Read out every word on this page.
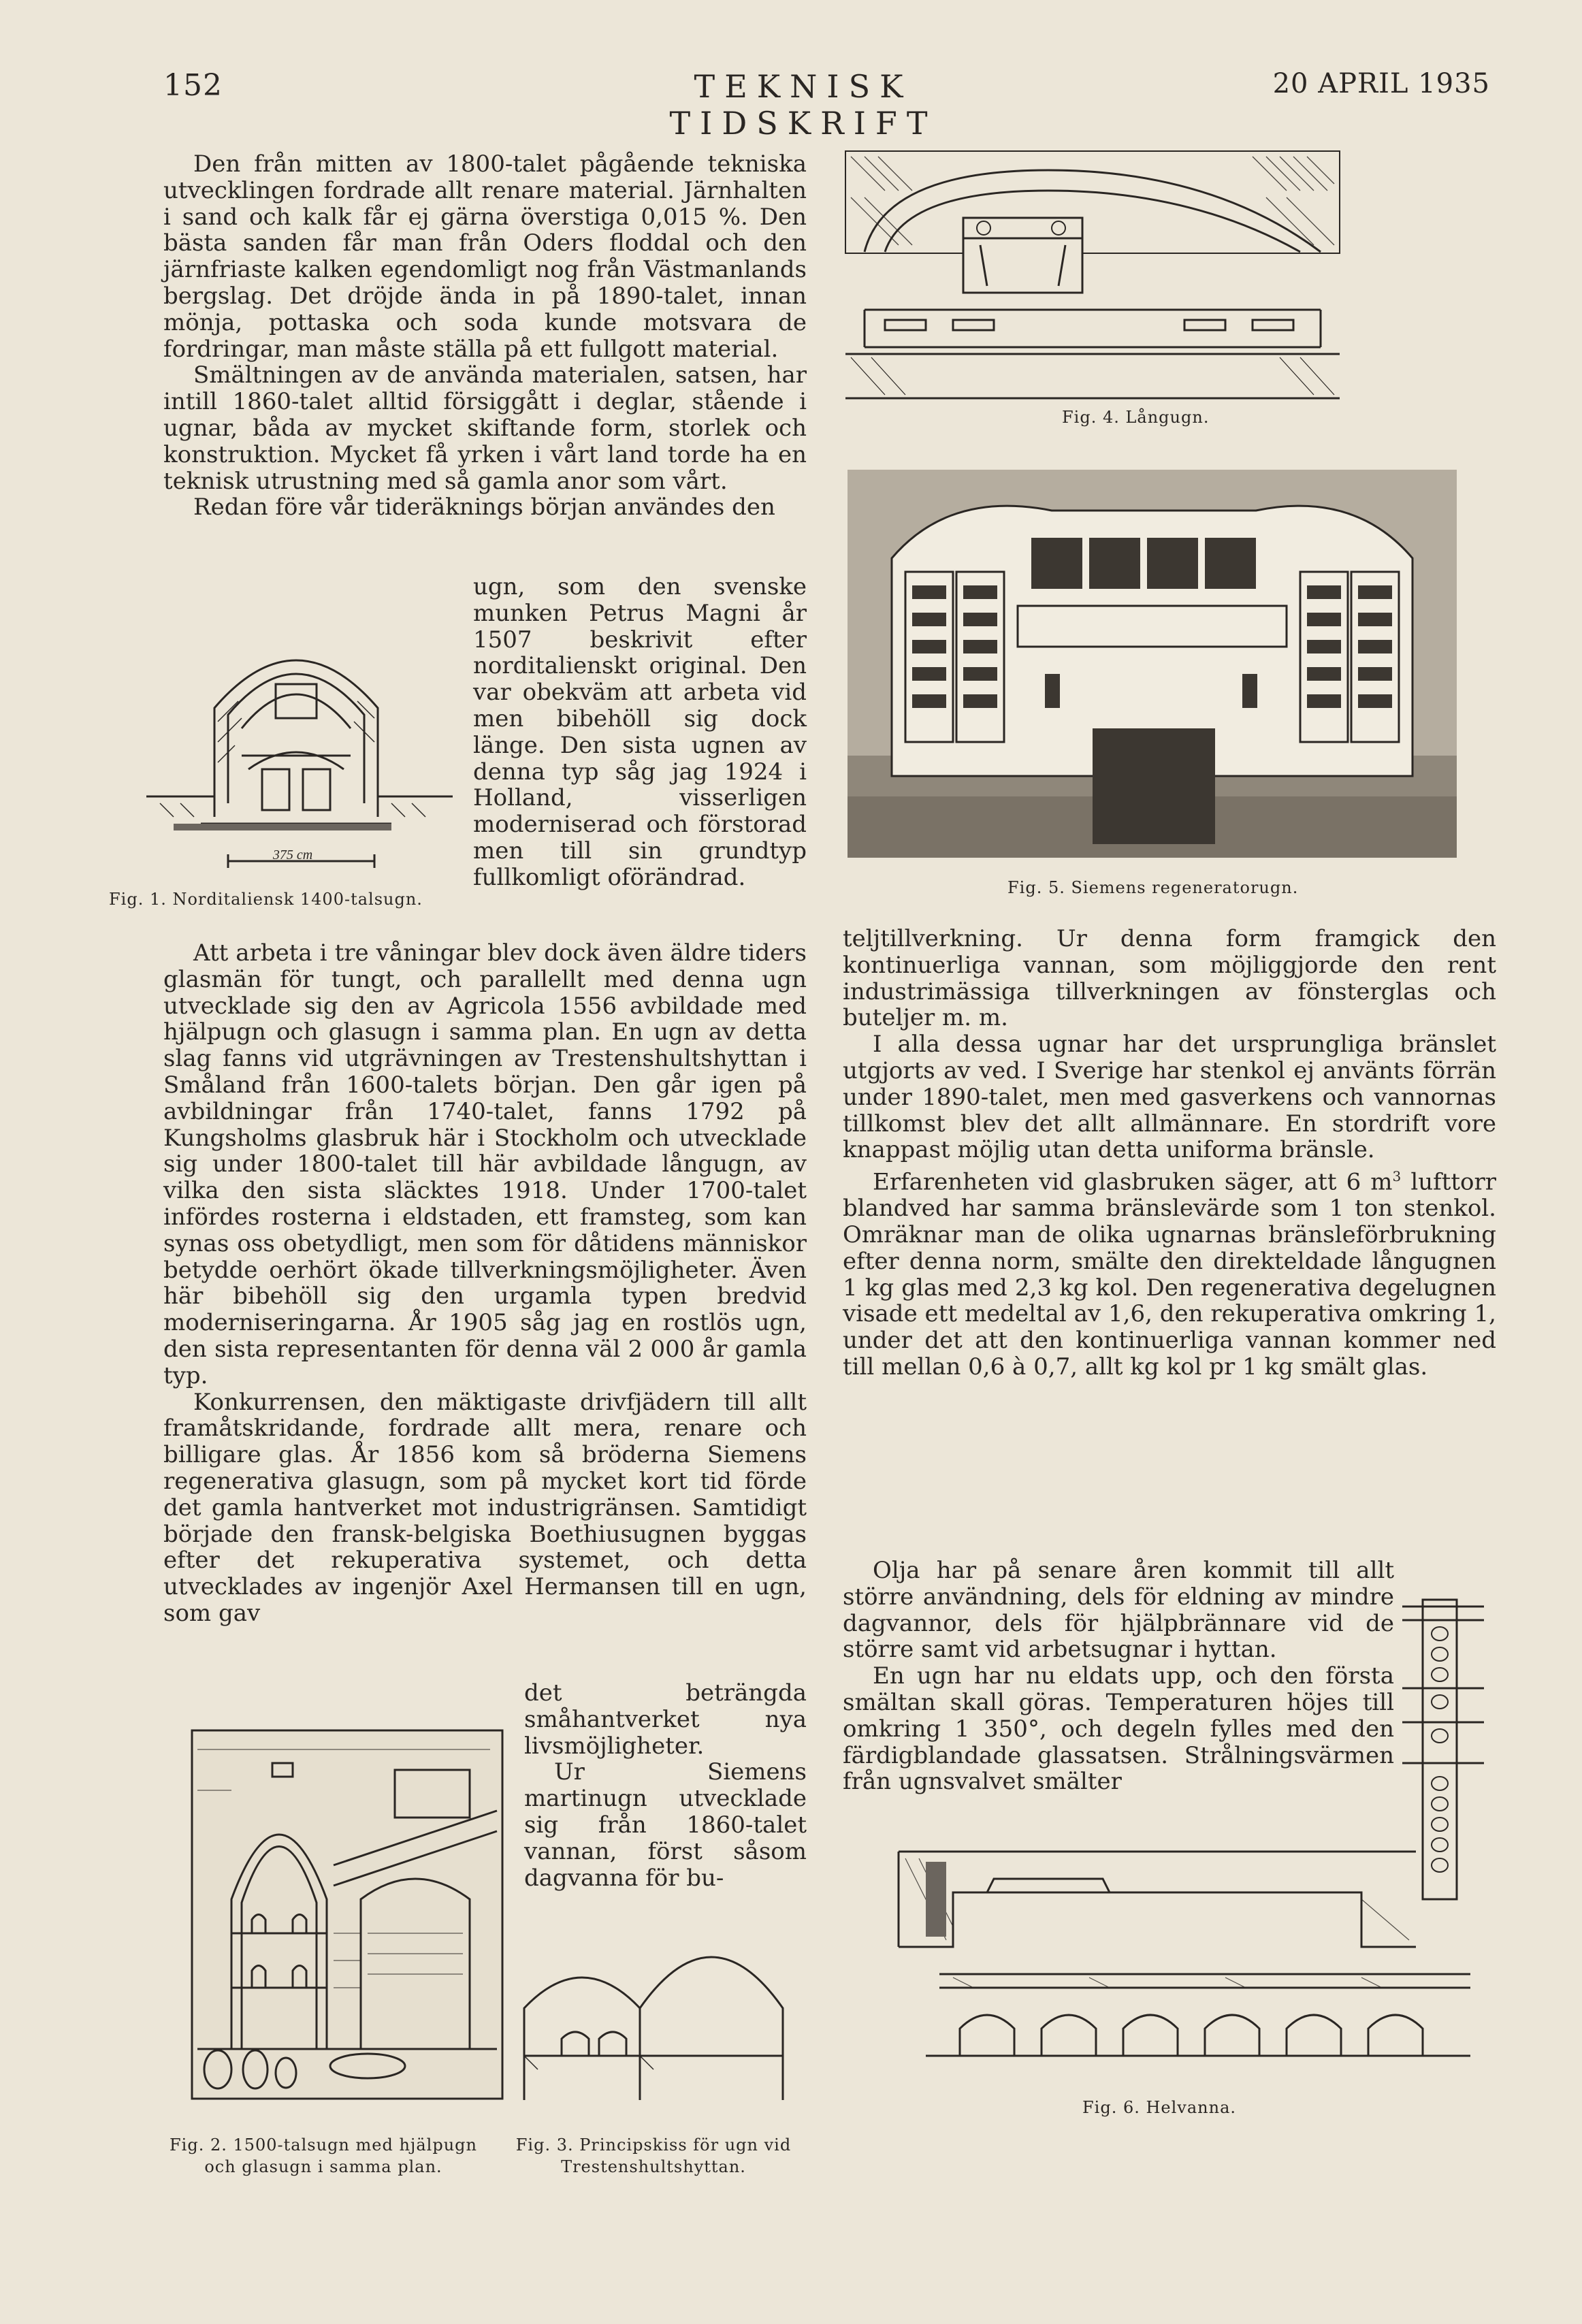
152	TEKNISK TIDSKRIFT
20 APRIL 1935

Den från mitten av 1800-talet pågående tekniska utvecklingen fordrade allt renare material. Järnhalten i sand och kalk får ej gärna överstiga 0,015 %. Den bästa sanden får man från Oders floddal och den järnfriaste kalken egendomligt nog från Västmanlands bergslag. Det dröjde ända in på 1890-talet, innan mönja, pottaska och soda kunde motsvara de fordringar, man måste ställa på ett fullgott material.

Smältningen av de använda materialen, satsen, har intill 1860-talet alltid försiggått i deglar, stående i ugnar, båda av mycket skiftande form, storlek och konstruktion. Mycket få yrken i vårt land torde ha en teknisk utrustning med så gamla anor som vårt.

Redan före vår tideräknings början användes den

375 cm
Fig. 1. Norditaliensk 1400-talsugn.

ugn, som den svenske munken Petrus Magni år 1507 beskrivit efter norditalienskt original. Den var obekväm att arbeta vid men bibehöll sig dock länge. Den sista ugnen av denna typ såg jag 1924 i Holland, visserligen moderniserad och förstorad men till sin grundtyp fullkomligt oförändrad.

Att arbeta i tre våningar blev dock även äldre tiders glasmän för tungt, och parallellt med denna ugn utvecklade sig den av Agricola 1556 avbildade med hjälpugn och glasugn i samma plan. En ugn av detta slag fanns vid utgrävningen av Trestenshultshyttan i Småland från 1600-talets början. Den går igen på avbildningar från 1740-talet, fanns 1792 på Kungsholms glasbruk här i Stockholm och utvecklade sig under 1800-talet till här avbildade långugn, av vilka den sista släcktes 1918. Under 1700-talet infördes rosterna i eldstaden, ett framsteg, som kan synas oss obetydligt, men som för dåtidens människor betydde oerhört ökade tillverkningsmöjligheter. Även här bibehöll sig den urgamla typen bredvid moderniseringarna. År 1905 såg jag en rostlös ugn, den sista representanten för denna väl 2 000 år gamla typ.

Konkurrensen, den mäktigaste drivfjädern till allt framåtskridande, fordrade allt mera, renare och billigare glas. År 1856 kom så bröderna Siemens regenerativa glasugn, som på mycket kort tid förde det gamla hantverket mot industrigränsen. Samtidigt började den fransk-belgiska Boethiusugnen byggas efter det rekuperativa systemet, och detta utvecklades av ingenjör Axel Hermansen till en ugn, som gav

det beträngda småhantverket nya livsmöjligheter.

Ur Siemens martinugn utvecklade sig från 1860-talet vannan, först såsom dagvanna för bu-

Fig. 2. 1500-talsugn med hjälpugn
och glasugn i samma plan.
Fig. 3. Principskiss för ugn vid
Trestenshultshyttan.
Fig. 4. Långugn.
Fig. 5. Siemens regeneratorugn.

teljtillverkning. Ur denna form framgick den kontinuerliga vannan, som möjliggjorde den rent industrimässiga tillverkningen av fönsterglas och buteljer m. m.

I alla dessa ugnar har det ursprungliga bränslet utgjorts av ved. I Sverige har stenkol ej använts förrän under 1890-talet, men med gasverkens och vannornas tillkomst blev det allt allmännare. En stordrift vore knappast möjlig utan detta uniforma bränsle.

Erfarenheten vid glasbruken säger, att 6 $m^3$ lufttorr blandved har samma bränslevärde som 1 ton stenkol. Omräknar man de olika ugnarnas bränsleförbrukning efter denna norm, smälte den direkteldade långugnen 1 kg glas med 2,3 kg kol. Den regenerativa degelugnen visade ett medeltal av 1,6, den rekuperativa omkring 1, under det att den kontinuerliga vannan kommer ned till mellan 0,6 à 0,7, allt kg kol pr 1 kg smält glas.

Olja har på senare åren kommit till allt större användning, dels för eldning av mindre dagvannor, dels för hjälpbrännare vid de större samt vid arbetsugnar i hyttan.

En ugn har nu eldats upp, och den första smältan skall göras. Temperaturen höjes till omkring 1 350°, och degeln fylles med den färdigblandade glassatsen. Strålningsvärmen från ugnsvalvet smälter

Fig. 6. Helvanna.
